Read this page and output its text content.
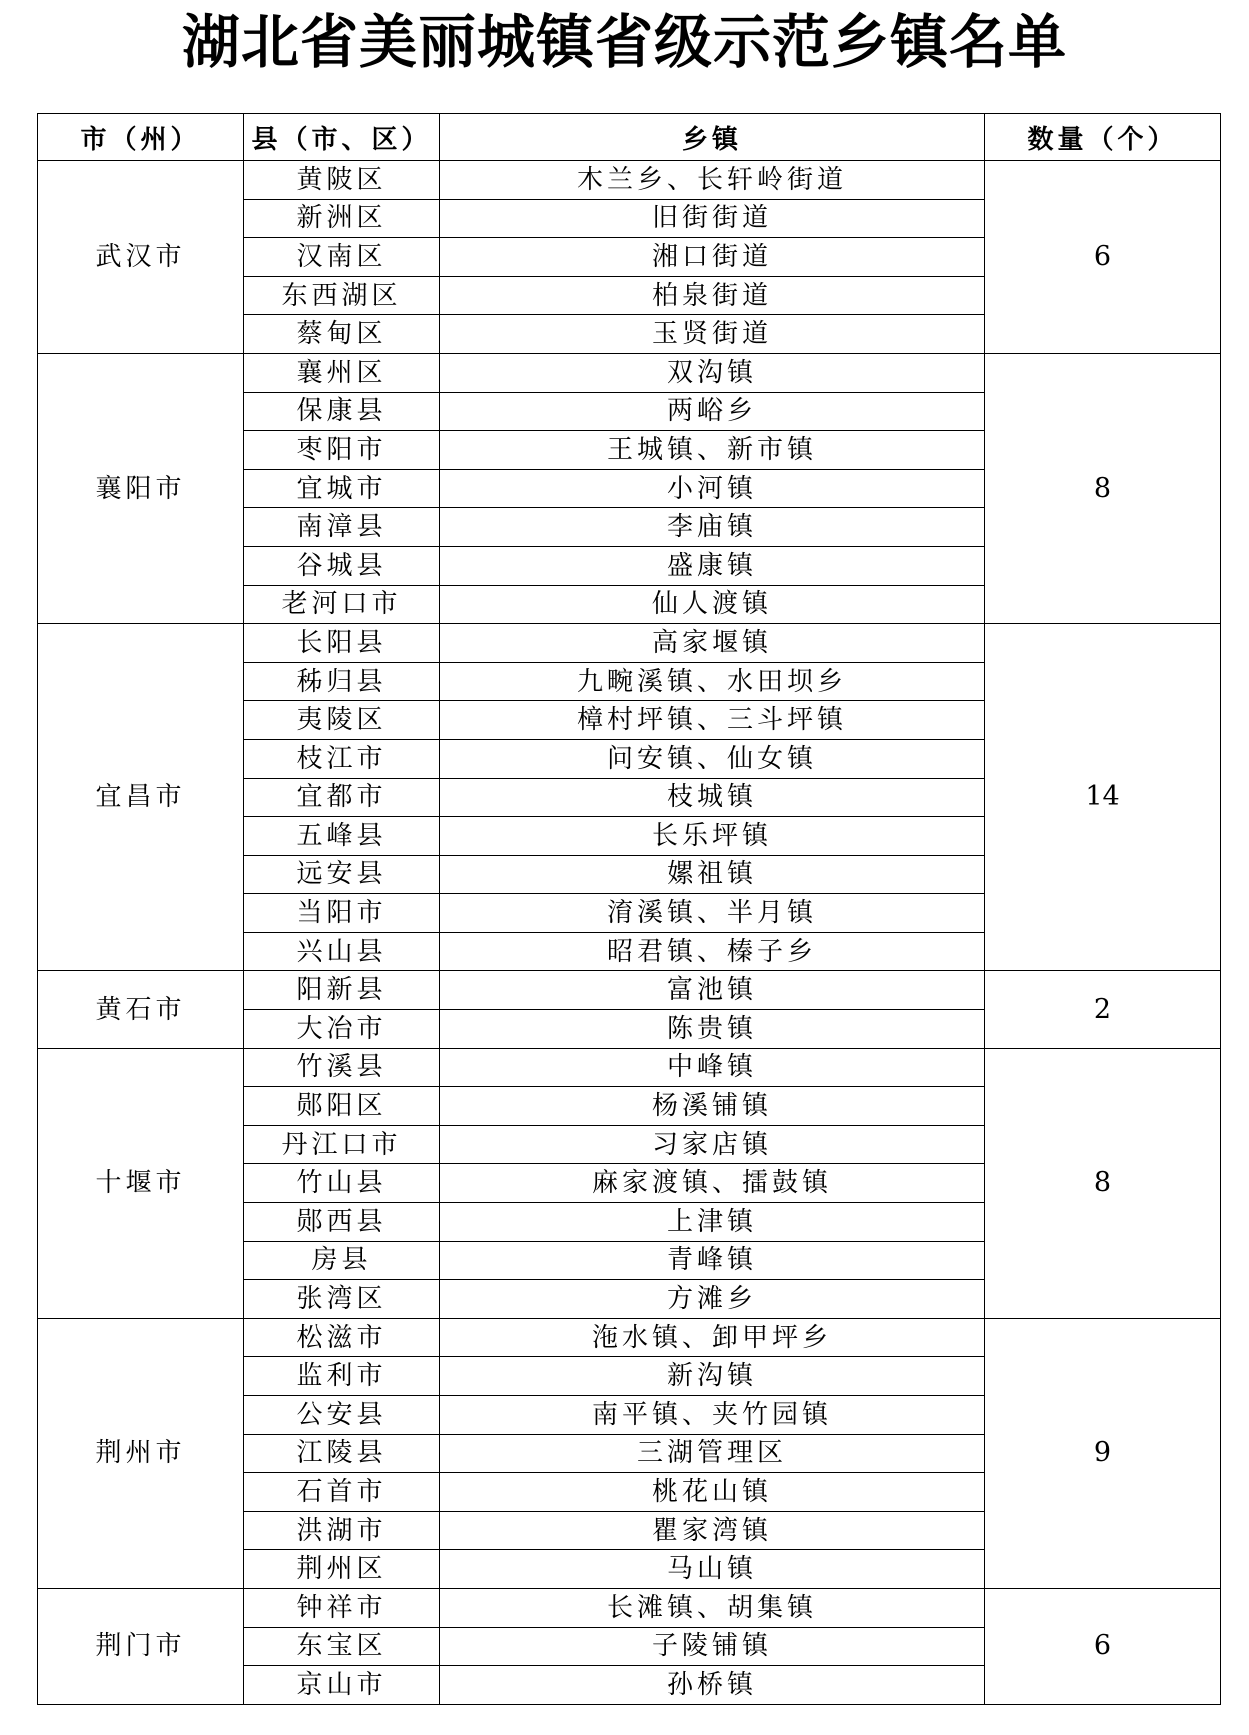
湖北省美丽城镇省级示范乡镇名单
市（州）	县（市、区）	乡镇	数量（个）
武汉市	黄陂区	木兰乡、长轩岭街道	6
	新洲区	旧街街道	
	汉南区	湘口街道	
	东西湖区	柏泉街道	
	蔡甸区	玉贤街道	
襄阳市	襄州区	双沟镇	8
	保康县	两峪乡	
	枣阳市	王城镇、新市镇	
	宜城市	小河镇	
	南漳县	李庙镇	
	谷城县	盛康镇	
	老河口市	仙人渡镇	
宜昌市	长阳县	高家堰镇	14
	秭归县	九畹溪镇、水田坝乡	
	夷陵区	樟村坪镇、三斗坪镇	
	枝江市	问安镇、仙女镇	
	宜都市	枝城镇	
	五峰县	长乐坪镇	
	远安县	嫘祖镇	
	当阳市	淯溪镇、半月镇	
	兴山县	昭君镇、榛子乡	
黄石市	阳新县	富池镇	2
	大冶市	陈贵镇	
十堰市	竹溪县	中峰镇	8
	郧阳区	杨溪铺镇	
	丹江口市	习家店镇	
	竹山县	麻家渡镇、擂鼓镇	
	郧西县	上津镇	
	房县	青峰镇	
	张湾区	方滩乡	
荆州市	松滋市	沲水镇、卸甲坪乡	9
	监利市	新沟镇	
	公安县	南平镇、夹竹园镇	
	江陵县	三湖管理区	
	石首市	桃花山镇	
	洪湖市	瞿家湾镇	
	荆州区	马山镇	
荆门市	钟祥市	长滩镇、胡集镇	6
	东宝区	子陵铺镇	
	京山市	孙桥镇	
